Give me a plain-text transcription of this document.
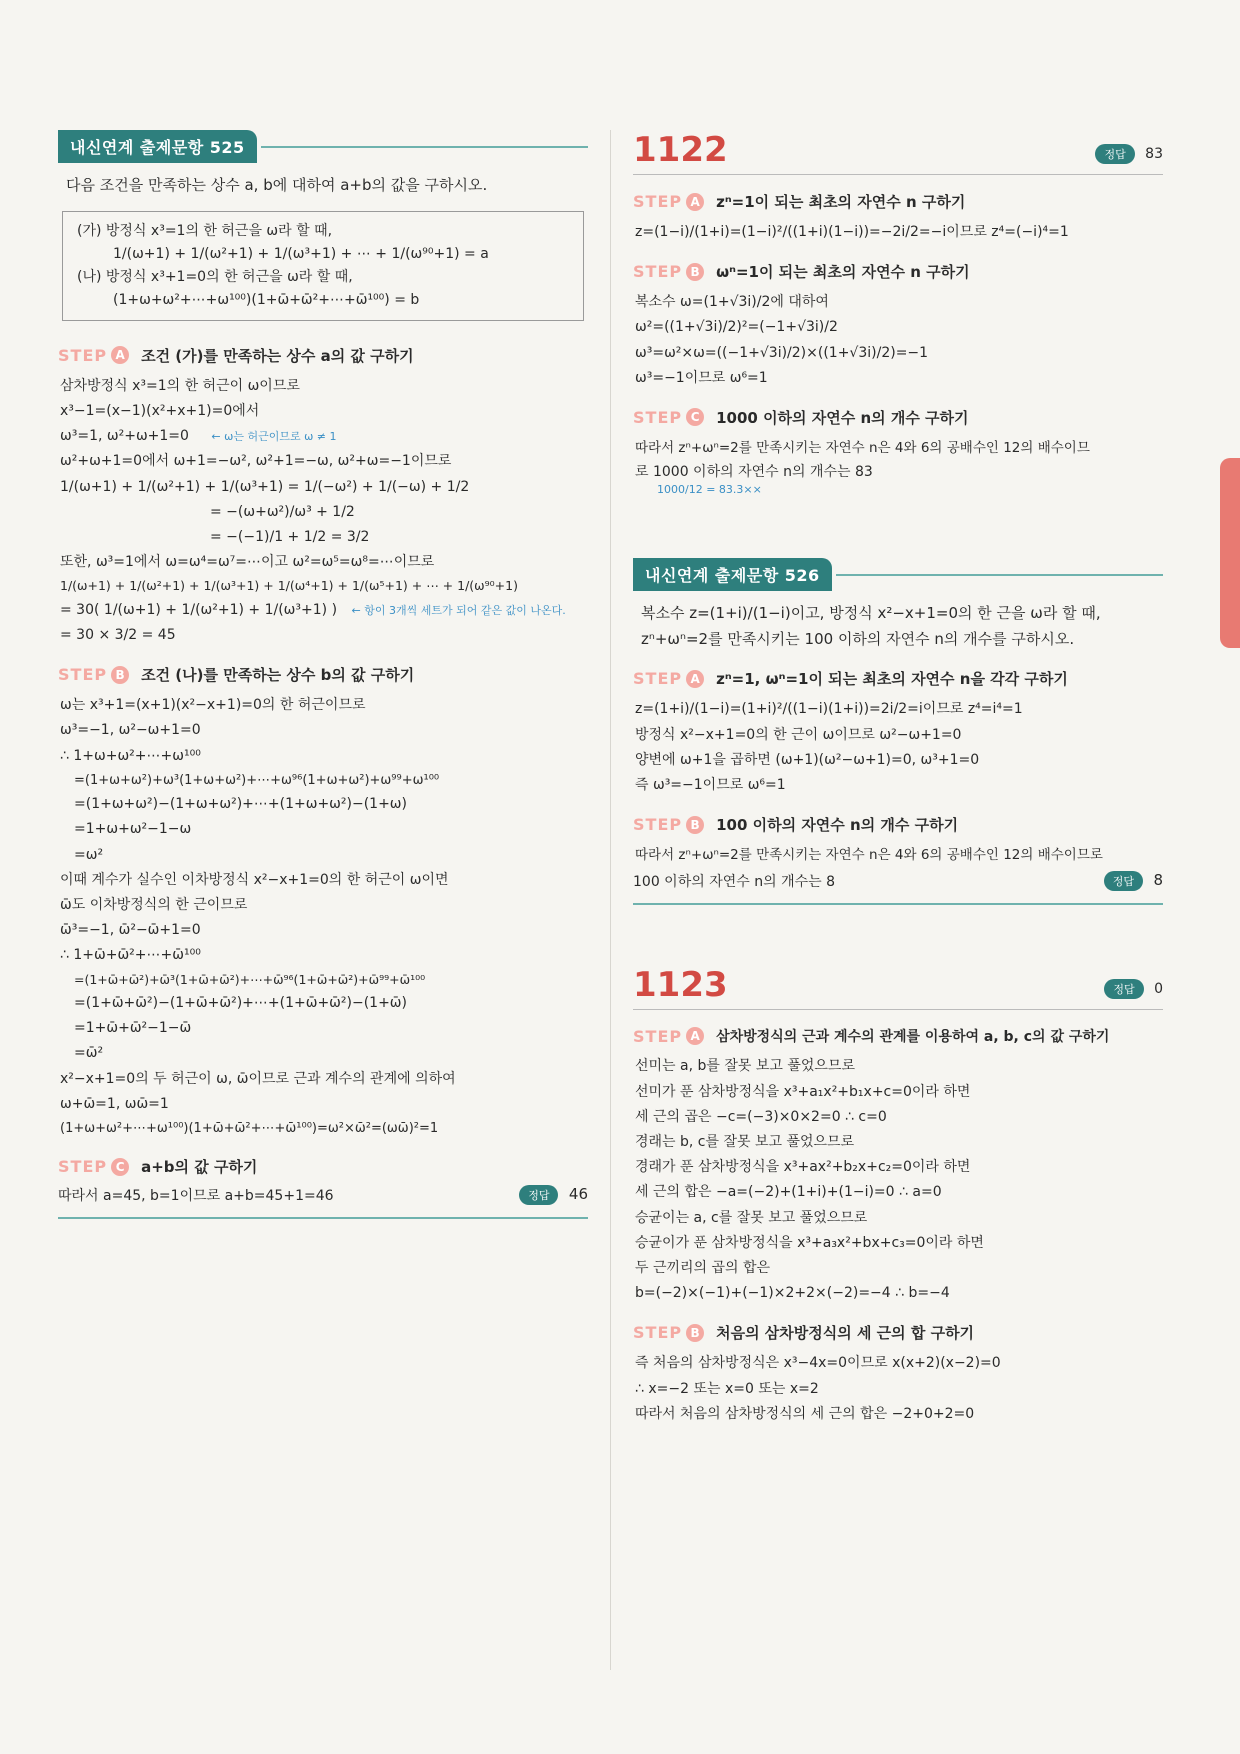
내신연계 출제문항 525
다음 조건을 만족하는 상수 a, b에 대하여 a+b의 값을 구하시오.
(가) 방정식 x³=1의 한 허근을 ω라 할 때,
1/(ω+1) + 1/(ω²+1) + 1/(ω³+1) + ⋯ + 1/(ω⁹⁰+1) = a
(나) 방정식 x³+1=0의 한 허근을 ω라 할 때,
(1+ω+ω²+⋯+ω¹⁰⁰)(1+ω̄+ω̄²+⋯+ω̄¹⁰⁰) = b
STEP A 조건 (가)를 만족하는 상수 a의 값 구하기
삼차방정식 x³=1의 한 허근이 ω이므로
x³−1=(x−1)(x²+x+1)=0에서
ω³=1, ω²+ω+1=0 ← ω는 허근이므로 ω ≠ 1
ω²+ω+1=0에서 ω+1=−ω², ω²+1=−ω, ω²+ω=−1이므로
1/(ω+1) + 1/(ω²+1) + 1/(ω³+1) = 1/(−ω²) + 1/(−ω) + 1/2
= −(ω+ω²)/ω³ + 1/2
= −(−1)/1 + 1/2 = 3/2
또한, ω³=1에서 ω=ω⁴=ω⁷=⋯이고 ω²=ω⁵=ω⁸=⋯이므로
1/(ω+1) + 1/(ω²+1) + 1/(ω³+1) + 1/(ω⁴+1) + 1/(ω⁵+1) + ⋯ + 1/(ω⁹⁰+1)
= 30( 1/(ω+1) + 1/(ω²+1) + 1/(ω³+1) ) ← 항이 3개씩 세트가 되어 같은 값이 나온다.
= 30 × 3/2 = 45
STEP B 조건 (나)를 만족하는 상수 b의 값 구하기
ω는 x³+1=(x+1)(x²−x+1)=0의 한 허근이므로
ω³=−1, ω²−ω+1=0
∴ 1+ω+ω²+⋯+ω¹⁰⁰
=(1+ω+ω²)+ω³(1+ω+ω²)+⋯+ω⁹⁶(1+ω+ω²)+ω⁹⁹+ω¹⁰⁰
=(1+ω+ω²)−(1+ω+ω²)+⋯+(1+ω+ω²)−(1+ω)
=1+ω+ω²−1−ω
=ω²
이때 계수가 실수인 이차방정식 x²−x+1=0의 한 허근이 ω이면
ω̄도 이차방정식의 한 근이므로
ω̄³=−1, ω̄²−ω̄+1=0
∴ 1+ω̄+ω̄²+⋯+ω̄¹⁰⁰
=(1+ω̄+ω̄²)+ω̄³(1+ω̄+ω̄²)+⋯+ω̄⁹⁶(1+ω̄+ω̄²)+ω̄⁹⁹+ω̄¹⁰⁰
=(1+ω̄+ω̄²)−(1+ω̄+ω̄²)+⋯+(1+ω̄+ω̄²)−(1+ω̄)
=1+ω̄+ω̄²−1−ω̄
=ω̄²
x²−x+1=0의 두 허근이 ω, ω̄이므로 근과 계수의 관계에 의하여
ω+ω̄=1, ωω̄=1
(1+ω+ω²+⋯+ω¹⁰⁰)(1+ω̄+ω̄²+⋯+ω̄¹⁰⁰)=ω²×ω̄²=(ωω̄)²=1
STEP C	a+b의 값 구하기
따라서 a=45, b=1이므로 a+b=45+1=46	정답 46
1122	정답 83
STEP A zⁿ=1이 되는 최초의 자연수 n 구하기
z=(1−i)/(1+i)=(1−i)²/((1+i)(1−i))=−2i/2=−i이므로 z⁴=(−i)⁴=1
STEP B ωⁿ=1이 되는 최초의 자연수 n 구하기
복소수 ω=(1+√3i)/2에 대하여
ω²=((1+√3i)/2)²=(−1+√3i)/2
ω³=ω²×ω=((−1+√3i)/2)×((1+√3i)/2)=−1
ω³=−1이므로 ω⁶=1
STEP C	1000 이하의 자연수 n의 개수 구하기
따라서 zⁿ+ωⁿ=2를 만족시키는 자연수 n은 4와 6의 공배수인 12의 배수이므
로 1000 이하의 자연수 n의 개수는 83
1000/12 = 83.3××
내신연계 출제문항 526
복소수 z=(1+i)/(1−i)이고, 방정식 x²−x+1=0의 한 근을 ω라 할 때,
zⁿ+ωⁿ=2를 만족시키는 100 이하의 자연수 n의 개수를 구하시오.
STEP A zⁿ=1, ωⁿ=1이 되는 최초의 자연수 n을 각각 구하기
z=(1+i)/(1−i)=(1+i)²/((1−i)(1+i))=2i/2=i이므로 z⁴=i⁴=1
방정식 x²−x+1=0의 한 근이 ω이므로 ω²−ω+1=0
양변에 ω+1을 곱하면 (ω+1)(ω²−ω+1)=0, ω³+1=0
즉 ω³=−1이므로 ω⁶=1
STEP B 100 이하의 자연수 n의 개수 구하기
따라서 zⁿ+ωⁿ=2를 만족시키는 자연수 n은 4와 6의 공배수인 12의 배수이므로
100 이하의 자연수 n의 개수는 8	정답 8
1123	정답 0
STEP A	삼차방정식의 근과 계수의 관계를 이용하여 a, b, c의 값 구하기
선미는 a, b를 잘못 보고 풀었으므로
선미가 푼 삼차방정식을 x³+a₁x²+b₁x+c=0이라 하면
세 근의 곱은 −c=(−3)×0×2=0 ∴ c=0
경래는 b, c를 잘못 보고 풀었으므로
경래가 푼 삼차방정식을 x³+ax²+b₂x+c₂=0이라 하면
세 근의 합은 −a=(−2)+(1+i)+(1−i)=0 ∴ a=0
승균이는 a, c를 잘못 보고 풀었으므로
승균이가 푼 삼차방정식을 x³+a₃x²+bx+c₃=0이라 하면
두 근끼리의 곱의 합은
b=(−2)×(−1)+(−1)×2+2×(−2)=−4 ∴ b=−4
STEP B 처음의 삼차방정식의 세 근의 합 구하기
즉 처음의 삼차방정식은 x³−4x=0이므로 x(x+2)(x−2)=0
∴ x=−2 또는 x=0 또는 x=2
따라서 처음의 삼차방정식의 세 근의 합은 −2+0+2=0
